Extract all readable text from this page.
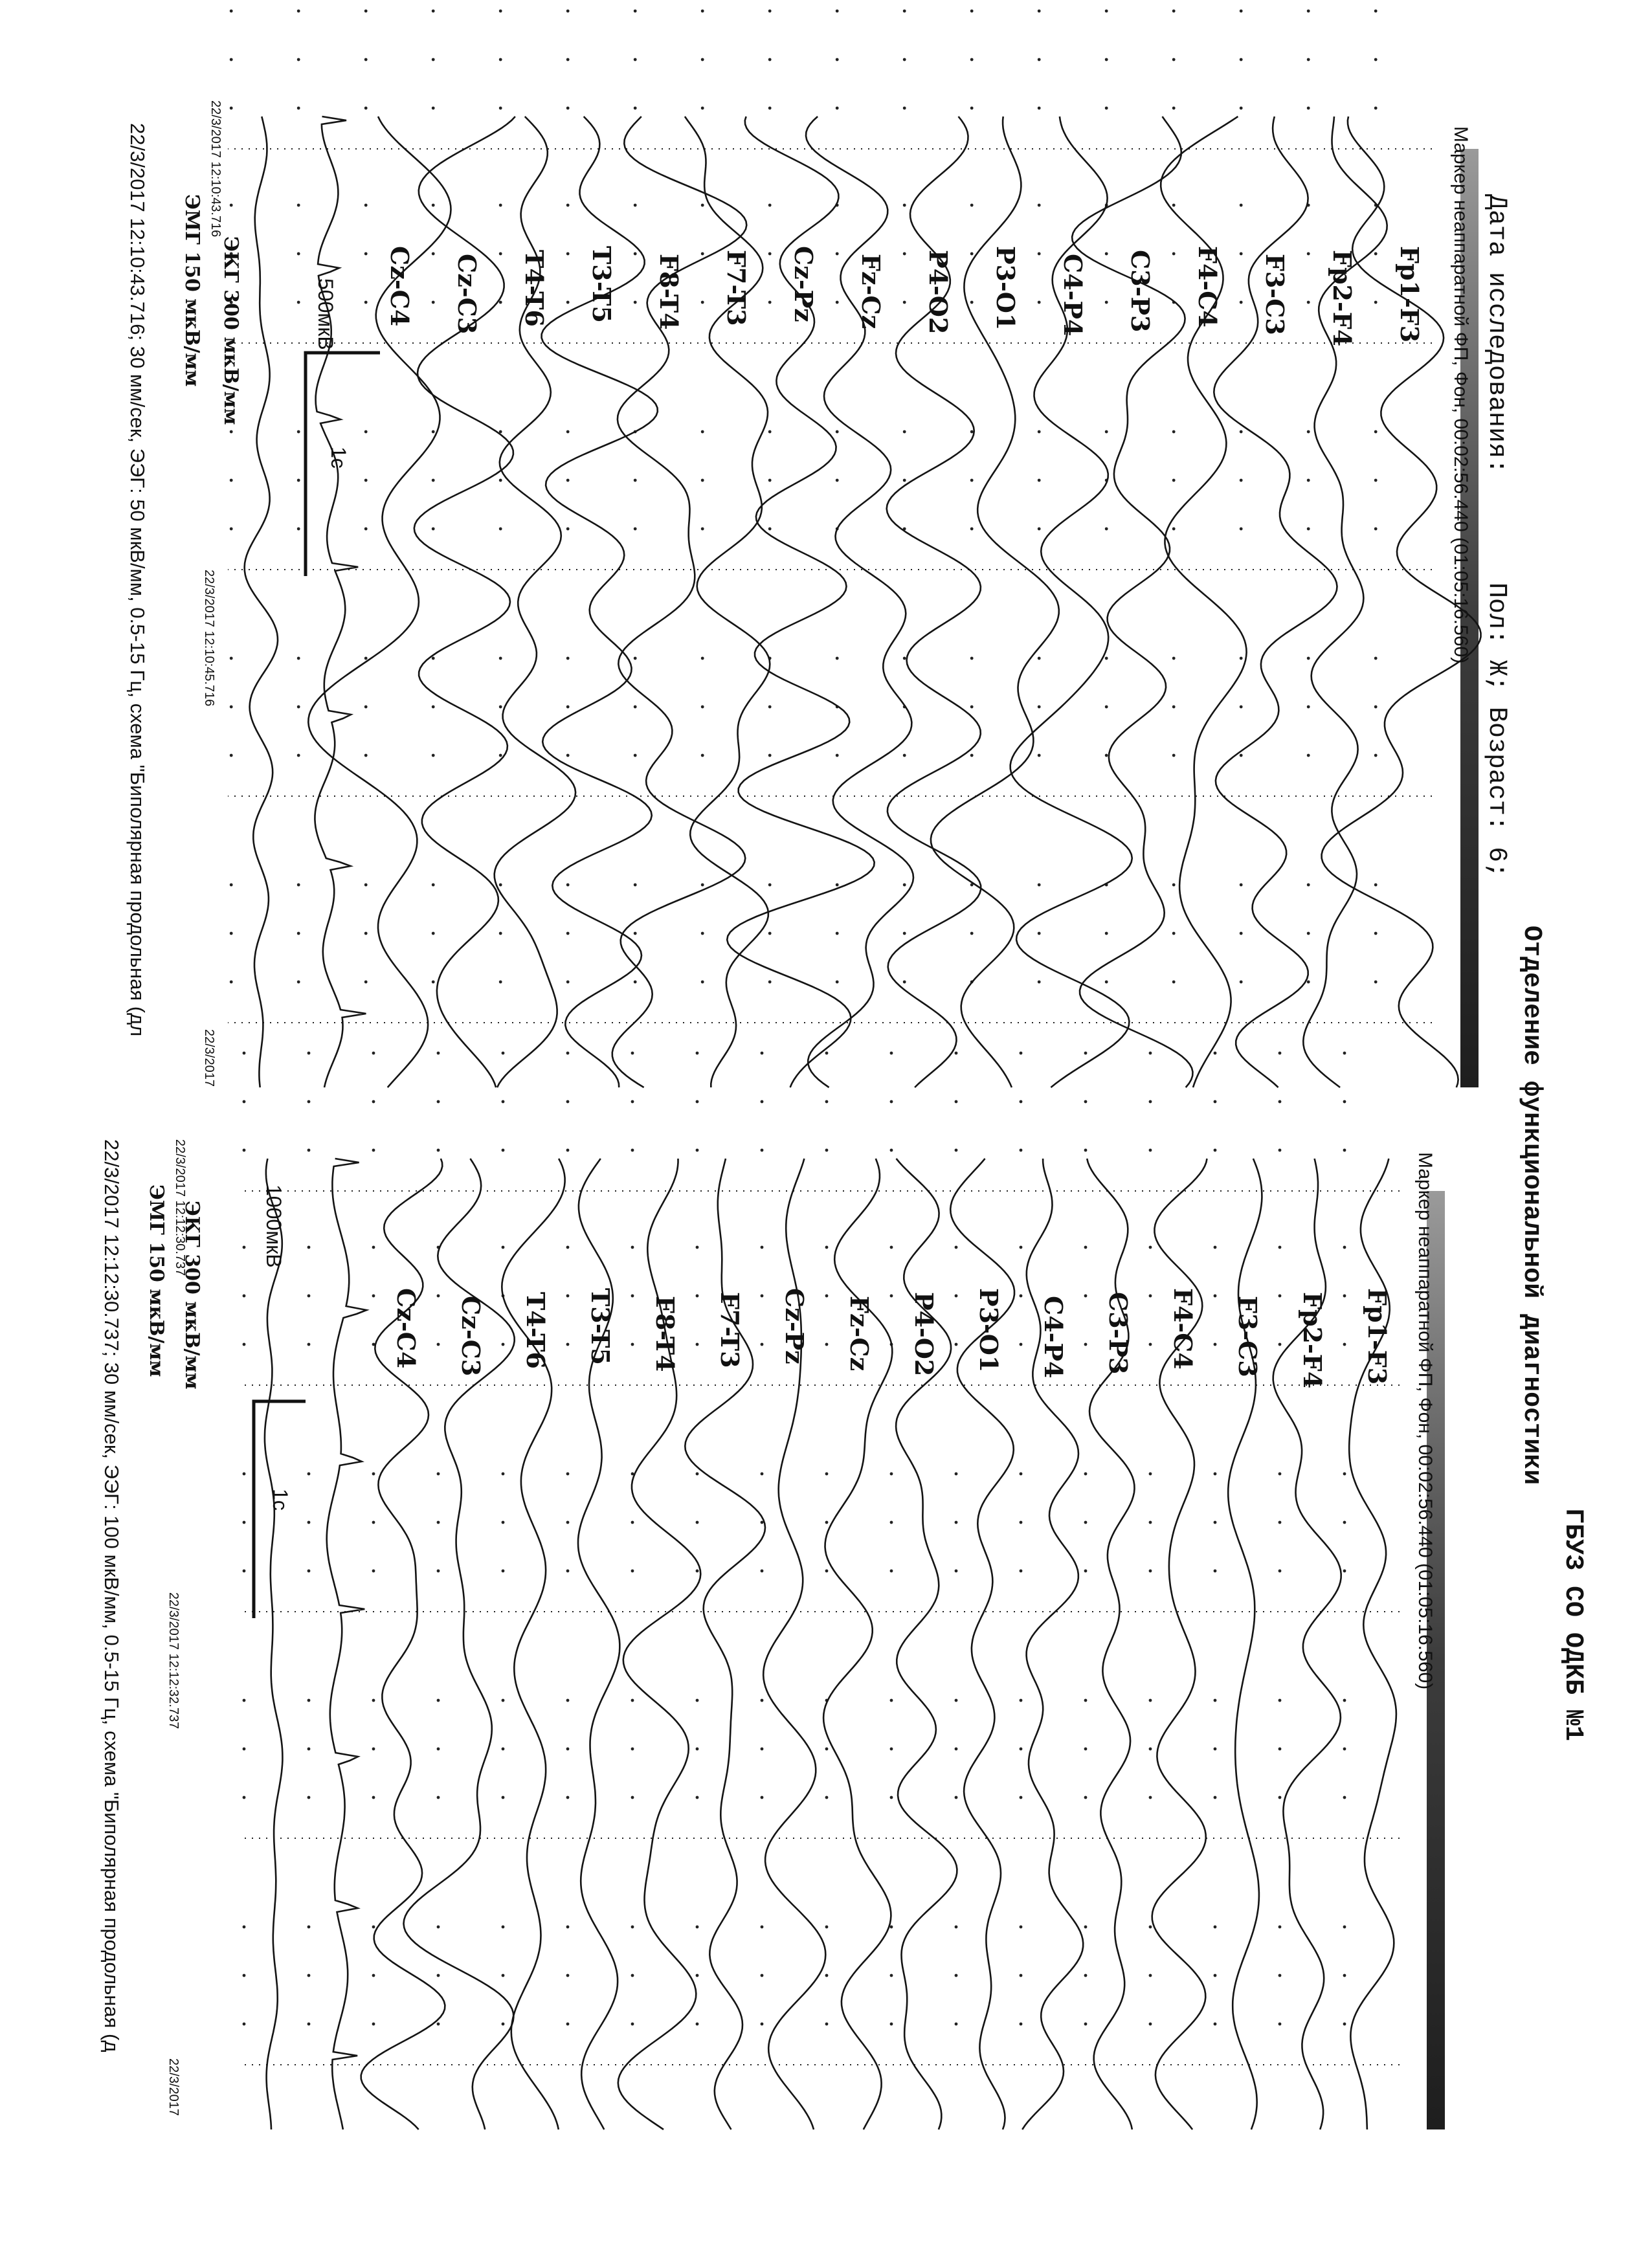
ГБУЗ СО ОДКБ №1
Отделение функциональной диагностики
Дата исследования:
Пол: Ж; Возраст: 6;
Маркер неаппаратной ФП, Фон, 00:02:56.440 (01:05:16.560)
Fp1-F3
Fp2-F4
F3-C3
F4-C4
C3-P3
C4-P4
P3-O1
P4-O2
Fz-Cz
Cz-Pz
F7-T3
F8-T4
T3-T5
T4-T6
Cz-C3
Cz-C4
500мкВ
1с
ЭКГ 300 мкВ/мм
ЭМГ 150 мкВ/мм
22/3/2017 12:10:43.716
22/3/2017 12:10:45.716
22/3/2017
22/3/2017 12:10:43.716; 30 мм/сек, ЭЭГ: 50 мкВ/мм, 0.5-15 Гц, схема "Биполярная продольная (дл
Маркер неаппаратной ФП, Фон, 00:02:56.440 (01:05:16.560)
Fp1-F3
Fp2-F4
F3-C3
F4-C4
C3-P3
C4-P4
P3-O1
P4-O2
Fz-Cz
Cz-Pz
F7-T3
F8-T4
T3-T5
T4-T6
Cz-C3
Cz-C4
1000мкВ
1с
ЭКГ 300 мкВ/мм
ЭМГ 150 мкВ/мм 22/3/2017 12:12:30.737
22/3/2017 12:12:32.737
22/3/2017
22/3/2017 12:12:30.737; 30 мм/сек, ЭЭГ: 100 мкВ/мм, 0.5-15 Гц, схема "Биполярная продольная (д
